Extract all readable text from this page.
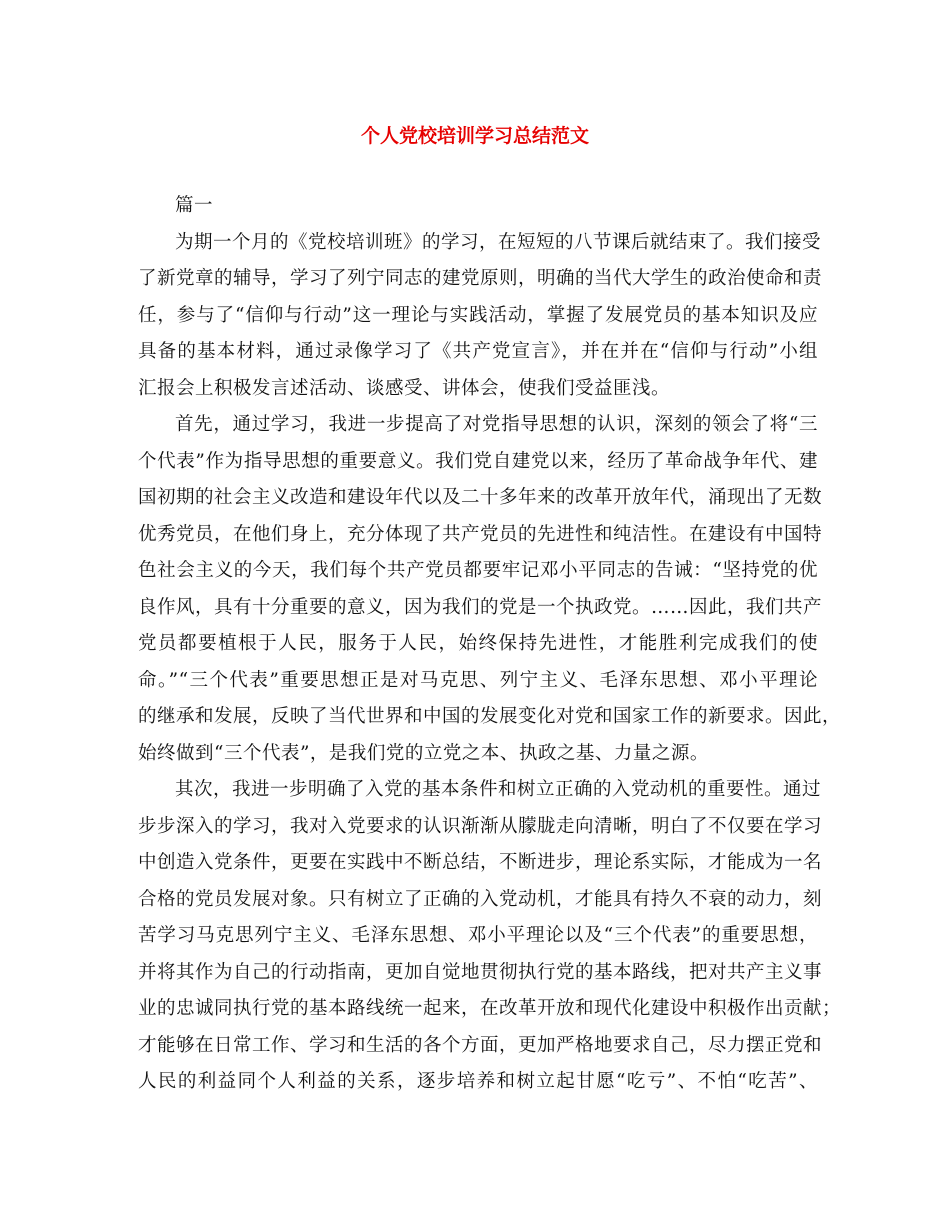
个人党校培训学习总结范文

篇一

为期一个月的《党校培训班》的学习，在短短的八节课后就结束了。我们接受
了新党章的辅导，学习了列宁同志的建党原则，明确的当代大学生的政治使命和责
任，参与了“信仰与行动”这一理论与实践活动，掌握了发展党员的基本知识及应
具备的基本材料，通过录像学习了《共产党宣言》，并在并在“信仰与行动”小组
汇报会上积极发言述活动、谈感受、讲体会，使我们受益匪浅。

首先，通过学习，我进一步提高了对党指导思想的认识，深刻的领会了将“三
个代表”作为指导思想的重要意义。我们党自建党以来，经历了革命战争年代、建
国初期的社会主义改造和建设年代以及二十多年来的改革开放年代，涌现出了无数
优秀党员，在他们身上，充分体现了共产党员的先进性和纯洁性。在建设有中国特
色社会主义的今天，我们每个共产党员都要牢记邓小平同志的告诫：“坚持党的优
良作风，具有十分重要的意义，因为我们的党是一个执政党。……因此，我们共产
党员都要植根于人民，服务于人民，始终保持先进性，才能胜利完成我们的使
命。”“三个代表”重要思想正是对马克思、列宁主义、毛泽东思想、邓小平理论
的继承和发展，反映了当代世界和中国的发展变化对党和国家工作的新要求。因此，
始终做到“三个代表”，是我们党的立党之本、执政之基、力量之源。

其次，我进一步明确了入党的基本条件和树立正确的入党动机的重要性。通过
步步深入的学习，我对入党要求的认识渐渐从朦胧走向清晰，明白了不仅要在学习
中创造入党条件，更要在实践中不断总结，不断进步，理论系实际，才能成为一名
合格的党员发展对象。只有树立了正确的入党动机，才能具有持久不衰的动力，刻
苦学习马克思列宁主义、毛泽东思想、邓小平理论以及“三个代表”的重要思想，
并将其作为自己的行动指南，更加自觉地贯彻执行党的基本路线，把对共产主义事
业的忠诚同执行党的基本路线统一起来，在改革开放和现代化建设中积极作出贡献；
才能够在日常工作、学习和生活的各个方面，更加严格地要求自己，尽力摆正党和
人民的利益同个人利益的关系，逐步培养和树立起甘愿“吃亏”、不怕“吃苦”、
